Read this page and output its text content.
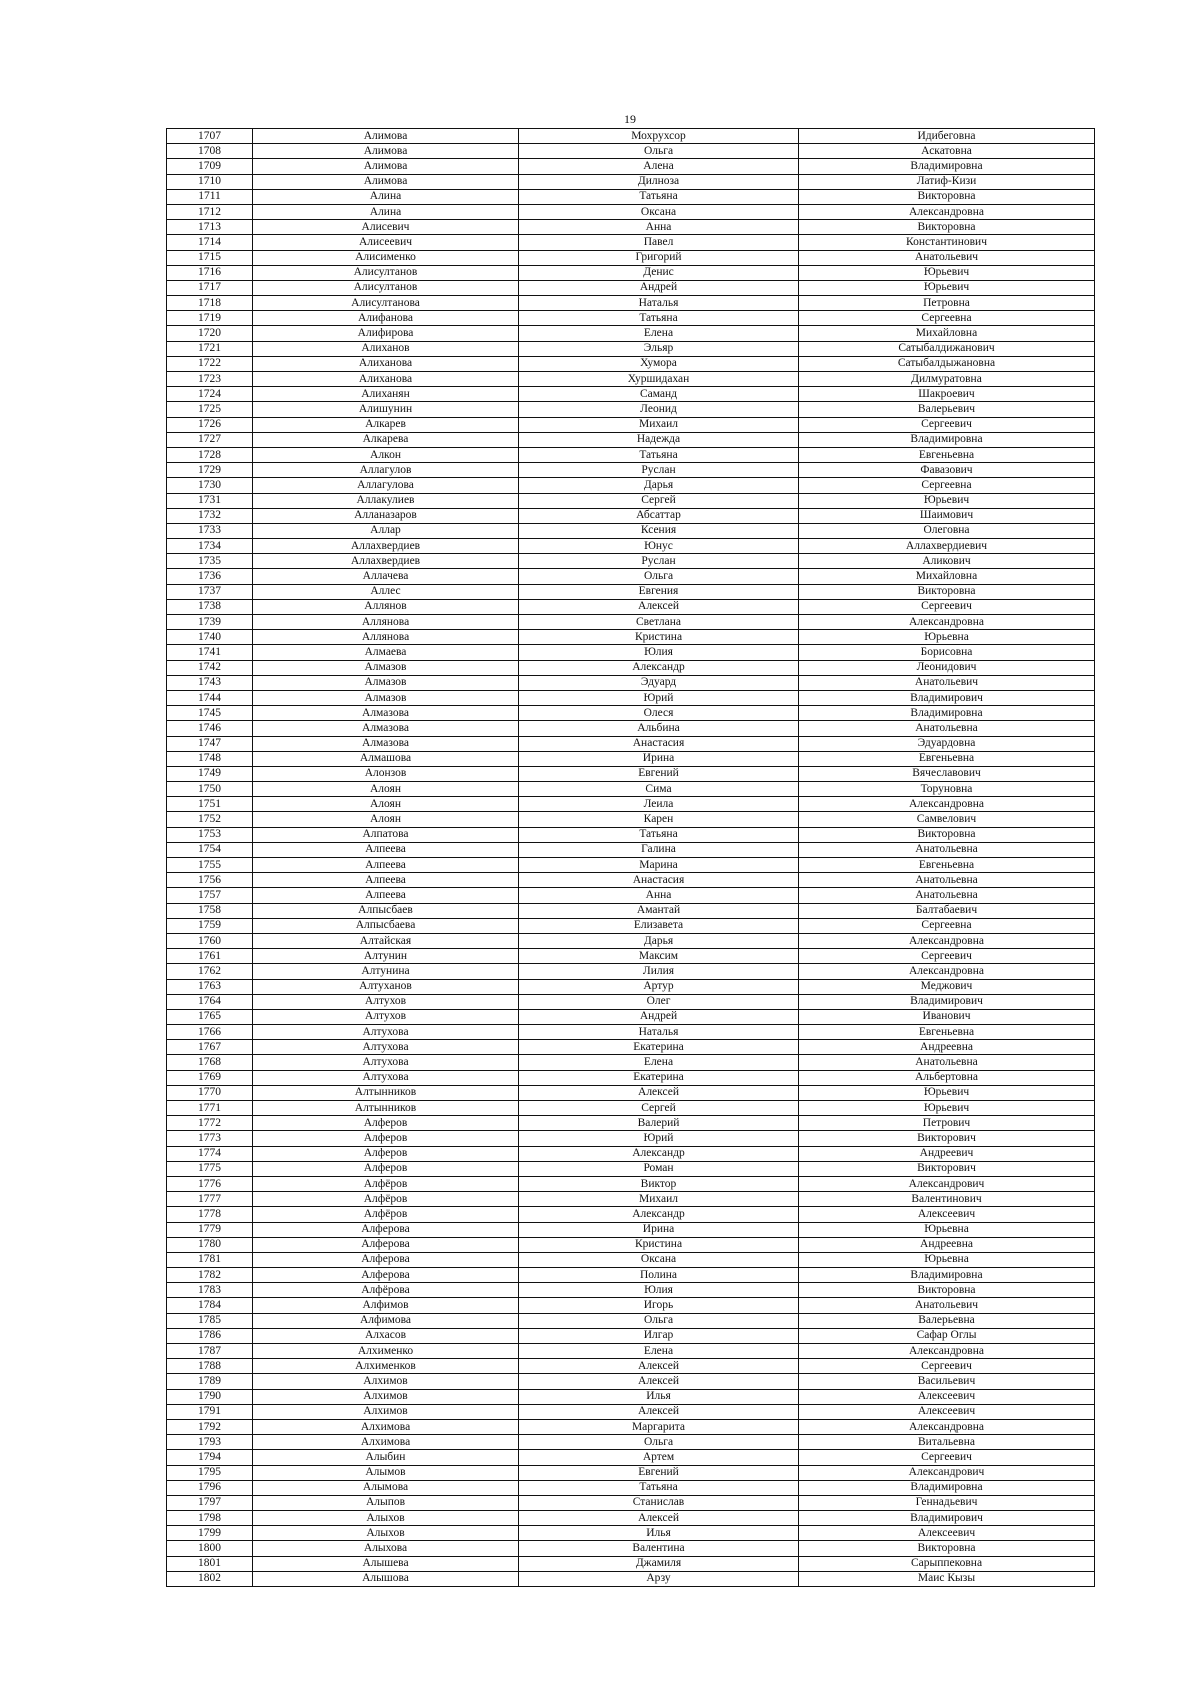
19
1707	Алимова	Мохрухсор	Идибеговна
1708	Алимова	Ольга	Аскатовна
1709	Алимова	Алена	Владимировна
1710	Алимова	Дилноза	Латиф-Кизи
1711	Алина	Татьяна	Викторовна
1712	Алина	Оксана	Александровна
1713	Алисевич	Анна	Викторовна
1714	Алисеевич	Павел	Константинович
1715	Алисименко	Григорий	Анатольевич
1716	Алисултанов	Денис	Юрьевич
1717	Алисултанов	Андрей	Юрьевич
1718	Алисултанова	Наталья	Петровна
1719	Алифанова	Татьяна	Сергеевна
1720	Алифирова	Елена	Михайловна
1721	Алиханов	Эльяр	Сатыбалдижанович
1722	Алиханова	Хумора	Сатыбалдыжановна
1723	Алиханова	Хуршидахан	Дилмуратовна
1724	Алиханян	Саманд	Шакроевич
1725	Алишунин	Леонид	Валерьевич
1726	Алкарев	Михаил	Сергеевич
1727	Алкарева	Надежда	Владимировна
1728	Алкон	Татьяна	Евгеньевна
1729	Аллагулов	Руслан	Фавазович
1730	Аллагулова	Дарья	Сергеевна
1731	Аллакулиев	Сергей	Юрьевич
1732	Алланазаров	Абсаттар	Шаимович
1733	Аллар	Ксения	Олеговна
1734	Аллахвердиев	Юнус	Аллахвердиевич
1735	Аллахвердиев	Руслан	Аликович
1736	Аллачева	Ольга	Михайловна
1737	Аллес	Евгения	Викторовна
1738	Аллянов	Алексей	Сергеевич
1739	Аллянова	Светлана	Александровна
1740	Аллянова	Кристина	Юрьевна
1741	Алмаева	Юлия	Борисовна
1742	Алмазов	Александр	Леонидович
1743	Алмазов	Эдуард	Анатольевич
1744	Алмазов	Юрий	Владимирович
1745	Алмазова	Олеся	Владимировна
1746	Алмазова	Альбина	Анатольевна
1747	Алмазова	Анастасия	Эдуардовна
1748	Алмашова	Ирина	Евгеньевна
1749	Алонзов	Евгений	Вячеславович
1750	Алоян	Сима	Торуновна
1751	Алоян	Леила	Александровна
1752	Алоян	Карен	Самвелович
1753	Алпатова	Татьяна	Викторовна
1754	Алпеева	Галина	Анатольевна
1755	Алпеева	Марина	Евгеньевна
1756	Алпеева	Анастасия	Анатольевна
1757	Алпеева	Анна	Анатольевна
1758	Алпысбаев	Амантай	Балтабаевич
1759	Алпысбаева	Елизавета	Сергеевна
1760	Алтайская	Дарья	Александровна
1761	Алтунин	Максим	Сергеевич
1762	Алтунина	Лилия	Александровна
1763	Алтуханов	Артур	Меджович
1764	Алтухов	Олег	Владимирович
1765	Алтухов	Андрей	Иванович
1766	Алтухова	Наталья	Евгеньевна
1767	Алтухова	Екатерина	Андреевна
1768	Алтухова	Елена	Анатольевна
1769	Алтухова	Екатерина	Альбертовна
1770	Алтынников	Алексей	Юрьевич
1771	Алтынников	Сергей	Юрьевич
1772	Алферов	Валерий	Петрович
1773	Алферов	Юрий	Викторович
1774	Алферов	Александр	Андреевич
1775	Алферов	Роман	Викторович
1776	Алфёров	Виктор	Александрович
1777	Алфёров	Михаил	Валентинович
1778	Алфёров	Александр	Алексеевич
1779	Алферова	Ирина	Юрьевна
1780	Алферова	Кристина	Андреевна
1781	Алферова	Оксана	Юрьевна
1782	Алферова	Полина	Владимировна
1783	Алфёрова	Юлия	Викторовна
1784	Алфимов	Игорь	Анатольевич
1785	Алфимова	Ольга	Валерьевна
1786	Алхасов	Илгар	Сафар Оглы
1787	Алхименко	Елена	Александровна
1788	Алхименков	Алексей	Сергеевич
1789	Алхимов	Алексей	Васильевич
1790	Алхимов	Илья	Алексеевич
1791	Алхимов	Алексей	Алексеевич
1792	Алхимова	Маргарита	Александровна
1793	Алхимова	Ольга	Витальевна
1794	Алыбин	Артем	Сергеевич
1795	Алымов	Евгений	Александрович
1796	Алымова	Татьяна	Владимировна
1797	Алыпов	Станислав	Геннадьевич
1798	Алыхов	Алексей	Владимирович
1799	Алыхов	Илья	Алексеевич
1800	Алыхова	Валентина	Викторовна
1801	Алышева	Джамиля	Сарыппековна
1802	Алышова	Арзу	Маис Кызы
